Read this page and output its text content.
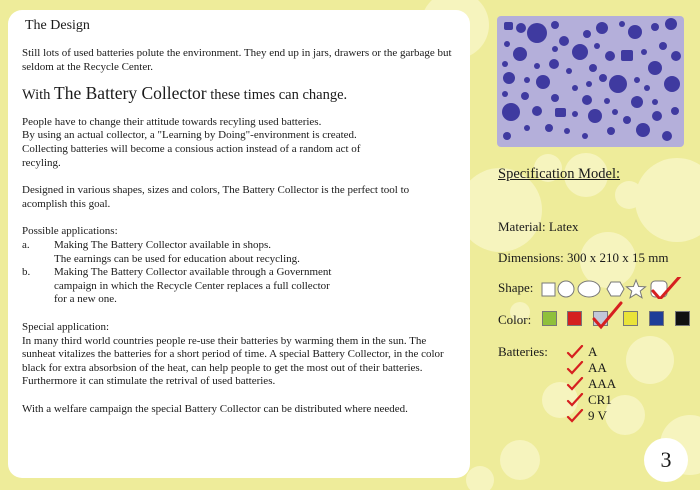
The Design

Still lots of used batteries polute the environment. They end up in jars, drawers or the garbage but seldom at the Recycle Center.

With The Battery Collector these times can change.

People have to change their attitude towards recyling used batteries.

By using an actual collector, a "Learning by Doing"-environment is created.

Collecting batteries will become a consious action instead of a random act of

recyling.

Designed in various shapes, sizes and colors, The Battery Collector is the perfect tool to acomplish this goal.

Possible applications:

a.	Making The Battery Collector available in shops.

The earnings can be used for education about recycling.

b.	Making The Battery Collector available through a Government

campaign in which the Recycle Center replaces a full collector

for a new one.

Special application:

In many third world countries people re-use their batteries by warming them in the sun. The sunheat vitalizes the batteries for a short period of time. A special Battery Collector, in the color black for extra absorbsion of the heat, can help people to get the most out of their batteries. Furthermore it can stimulate the retrival of used batteries.

With a welfare campaign the special Battery Collector can be distributed where needed.

Specification Model:
Material: Latex
Dimensions: 300 x 210 x 15 mm
Shape:
Color:
Batteries:	A
AA
AAA
CR1
9 V
3
